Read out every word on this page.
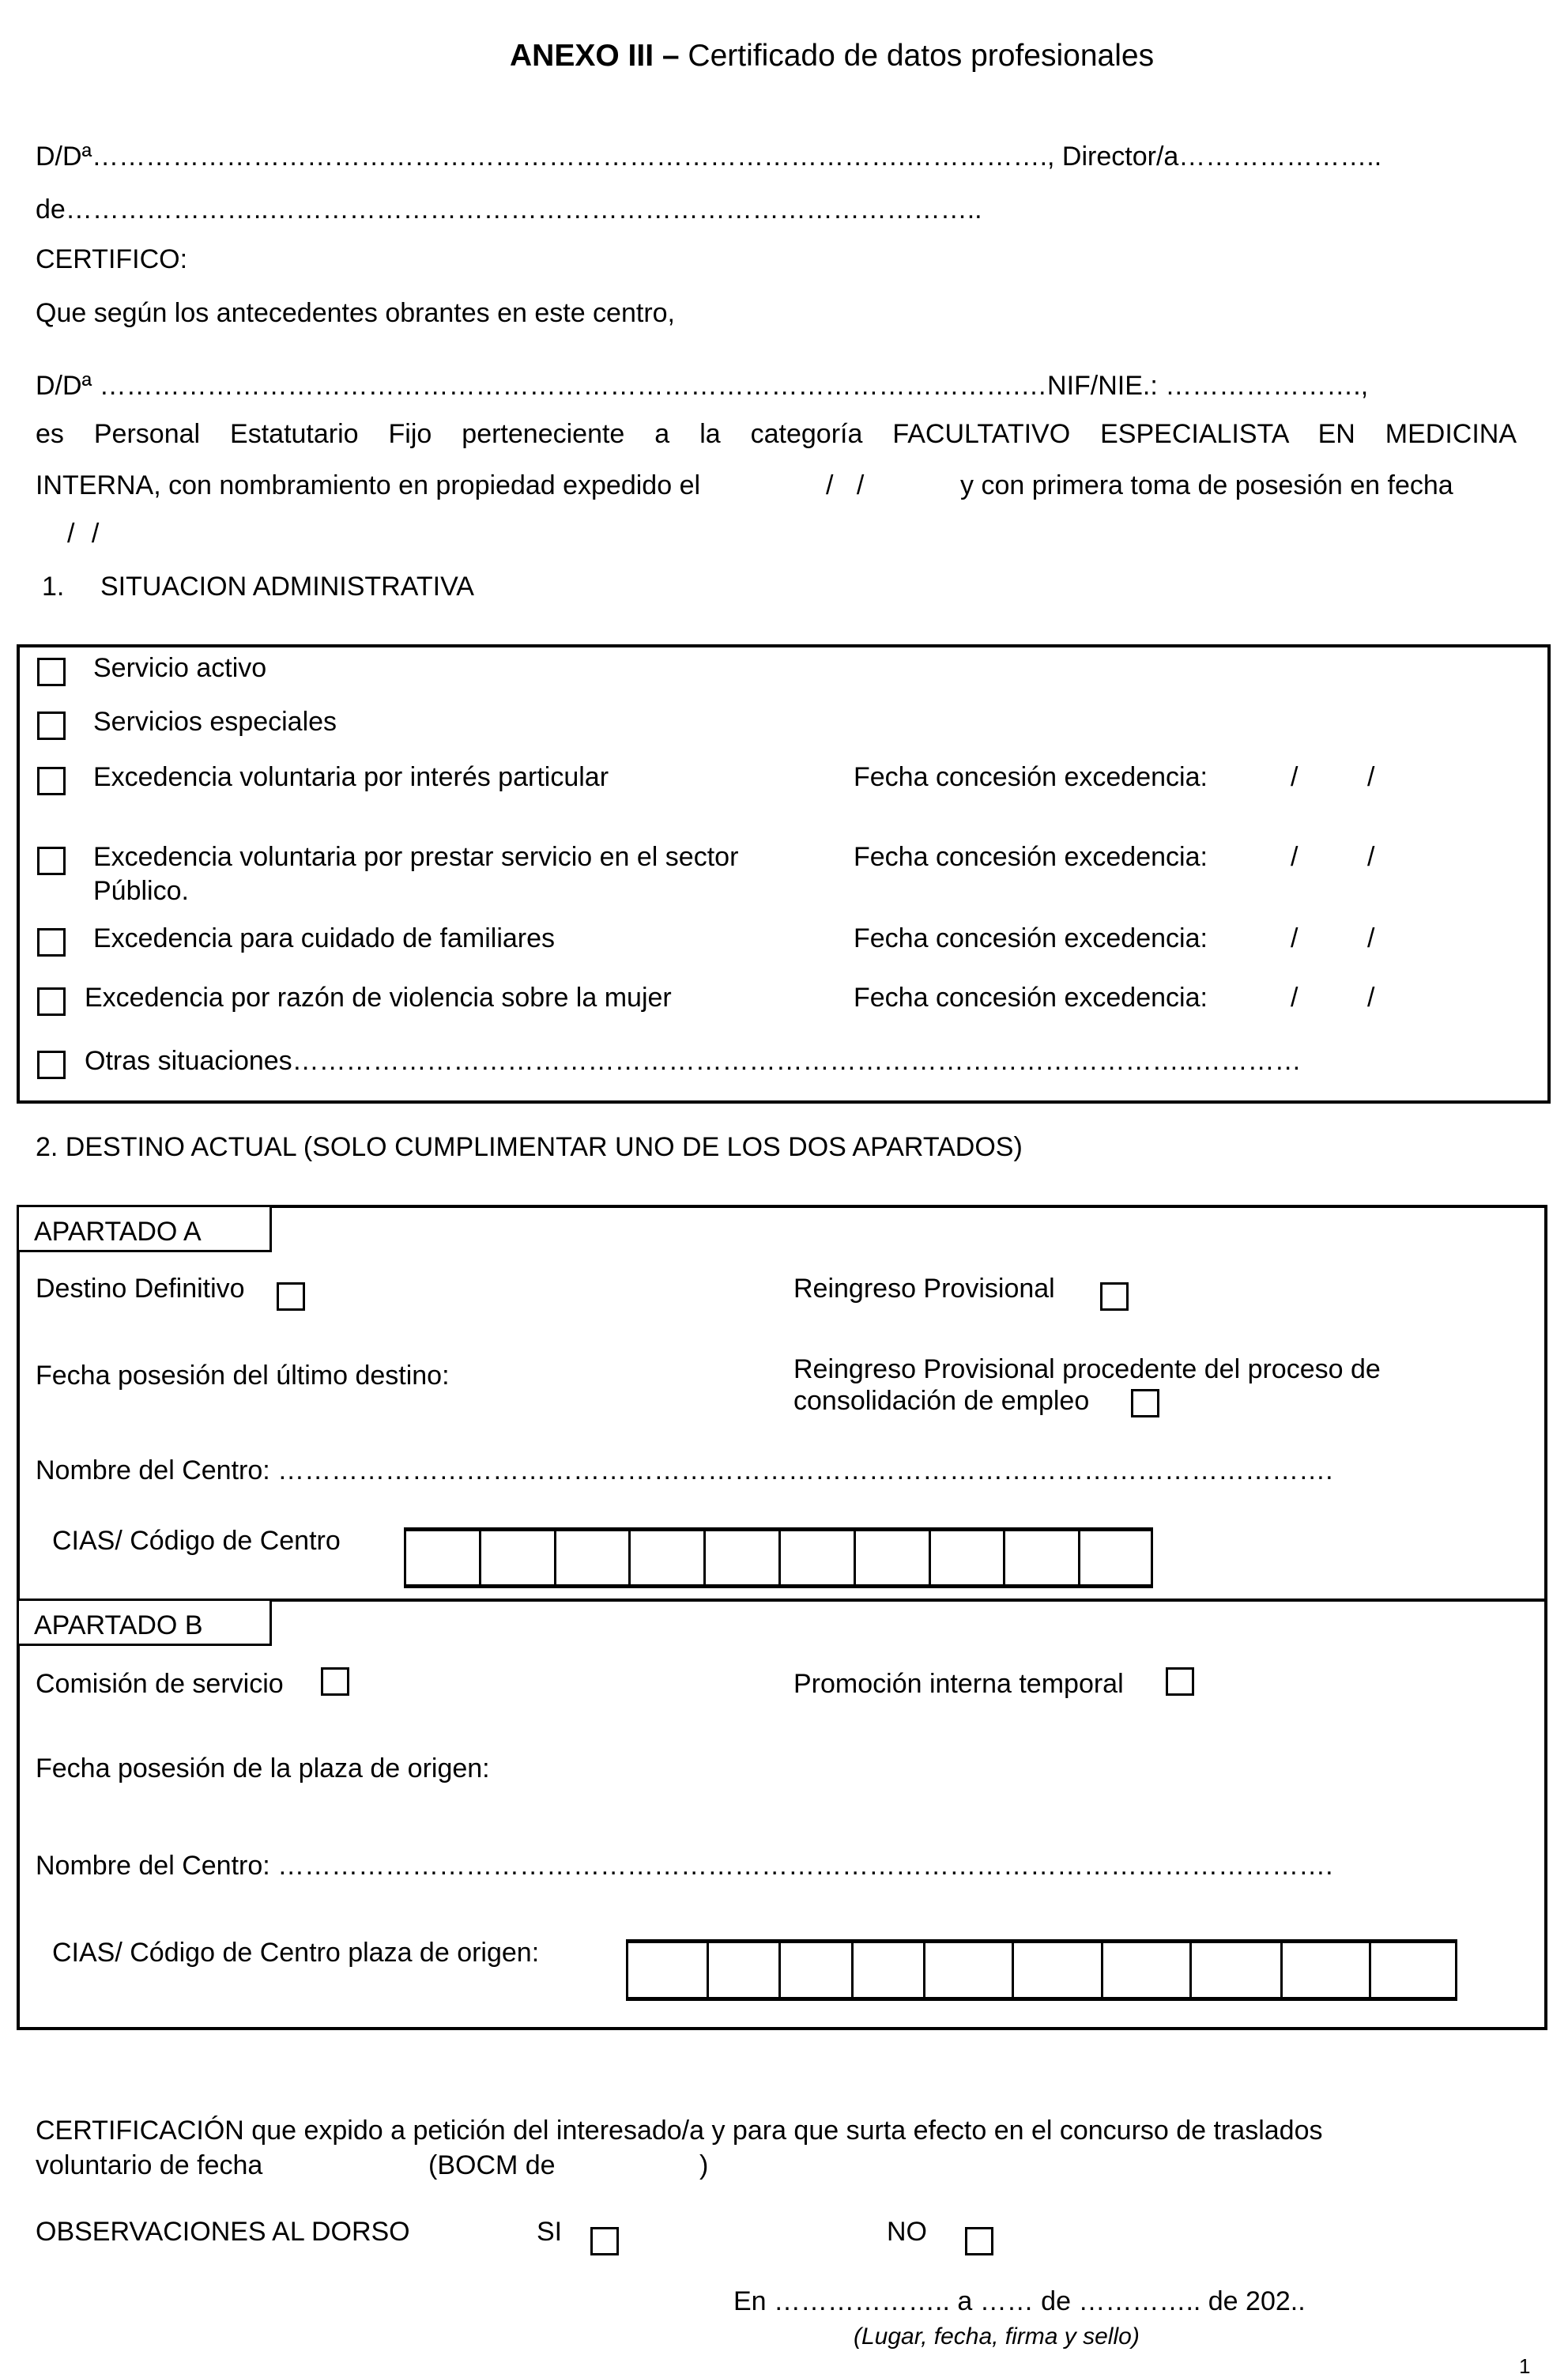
ANEXO III – Certificado de datos profesionales
D/Dª……………………………………………………………………………….……………., Director/a…………………..
de…………………..……………………………………………………………………..
CERTIFICO:
Que según los antecedentes obrantes en este centro,
D/Dª ………………………………………………………………………………………….…NIF/NIE.: ………………….,
es Personal Estatutario Fijo perteneciente a la categoría FACULTATIVO ESPECIALISTA EN MEDICINA
INTERNA, con nombramiento en propiedad expedido el	/ /	y con primera toma de posesión en fecha
/ /
1. SITUACION ADMINISTRATIVA
Servicio activo
Servicios especiales
Excedencia voluntaria por interés particular	Fecha concesión excedencia:	/	/
Excedencia voluntaria por prestar servicio en el sector
Público.
Fecha concesión excedencia:	/	/
Excedencia para cuidado de familiares	Fecha concesión excedencia:	/	/
Excedencia por razón de violencia sobre la mujer	Fecha concesión excedencia:	/	/
Otras situaciones………………………………………………………………………………………..…………
2. DESTINO ACTUAL (SOLO CUMPLIMENTAR UNO DE LOS DOS APARTADOS)
APARTADO A
Destino Definitivo	Reingreso Provisional
Fecha posesión del último destino:	Reingreso Provisional procedente del proceso de
consolidación de empleo
Nombre del Centro: ……………………………………………………………………………………………………….
CIAS/ Código de Centro
APARTADO B
Comisión de servicio	Promoción interna temporal
Fecha posesión de la plaza de origen:
Nombre del Centro: ……………………………………………………………………………………………………….
CIAS/ Código de Centro plaza de origen:
CERTIFICACIÓN que expido a petición del interesado/a y para que surta efecto en el concurso de traslados
voluntario de fecha	(BOCM de	)
OBSERVACIONES AL DORSO	SI	NO
En ……………….. a …… de ………….. de 202..
(Lugar, fecha, firma y sello)
1
